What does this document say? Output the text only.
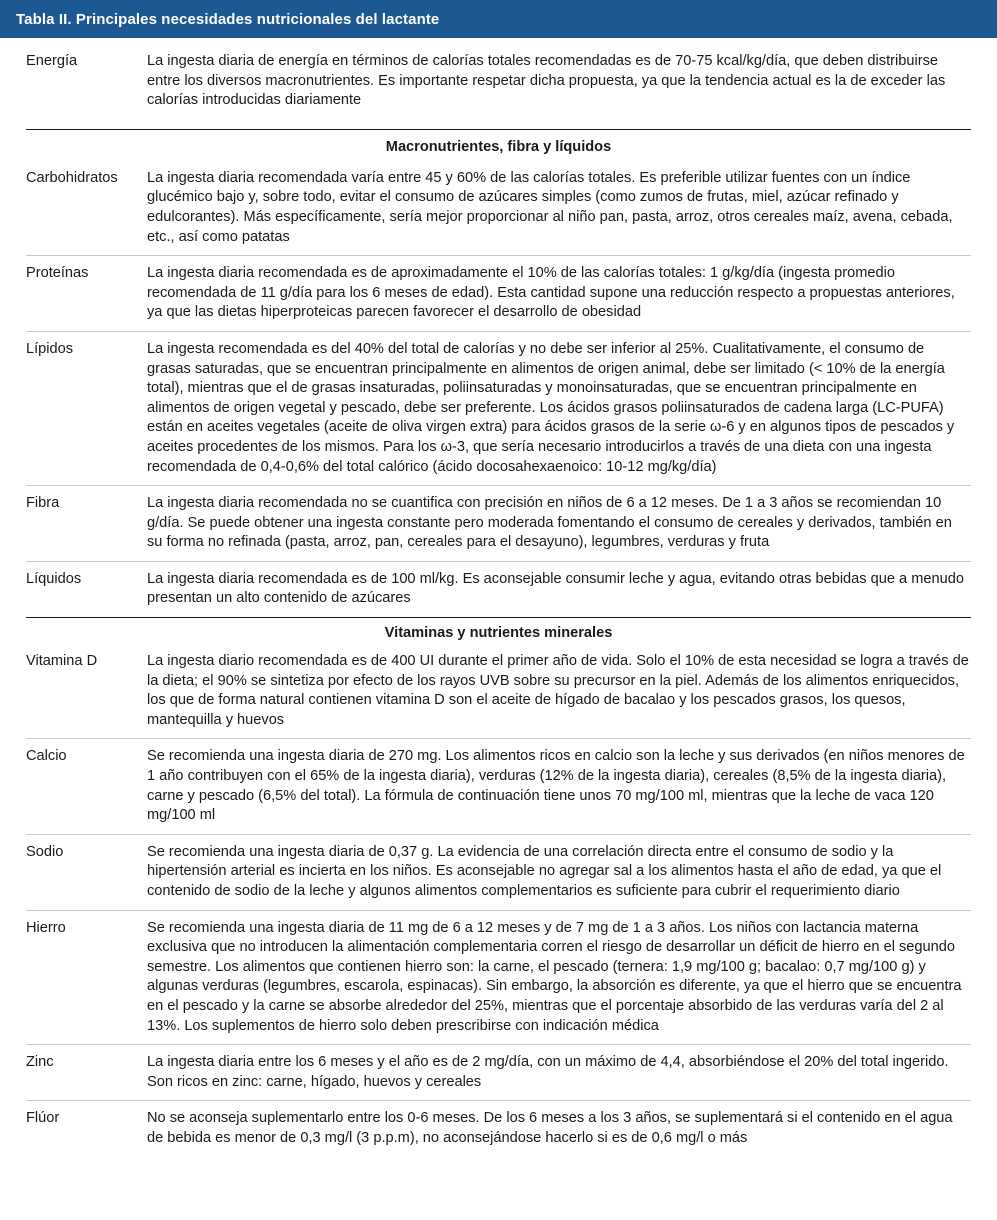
Tabla II. Principales necesidades nutricionales del lactante
Energía	La ingesta diaria de energía en términos de calorías totales recomendadas es de 70-75 kcal/kg/día, que deben distribuirse entre los diversos macronutrientes. Es importante respetar dicha propuesta, ya que la tendencia actual es la de exceder las calorías introducidas diariamente
Macronutrientes, fibra y líquidos
Carbohidratos	La ingesta diaria recomendada varía entre 45 y 60% de las calorías totales. Es preferible utilizar fuentes con un índice glucémico bajo y, sobre todo, evitar el consumo de azúcares simples (como zumos de frutas, miel, azúcar refinado y edulcorantes). Más específicamente, sería mejor proporcionar al niño pan, pasta, arroz, otros cereales maíz, avena, cebada, etc., así como patatas
Proteínas	La ingesta diaria recomendada es de aproximadamente el 10% de las calorías totales: 1 g/kg/día (ingesta promedio recomendada de 11 g/día para los 6 meses de edad). Esta cantidad supone una reducción respecto a propuestas anteriores, ya que las dietas hiperproteicas parecen favorecer el desarrollo de obesidad
Lípidos	La ingesta recomendada es del 40% del total de calorías y no debe ser inferior al 25%. Cualitativamente, el consumo de grasas saturadas, que se encuentran principalmente en alimentos de origen animal, debe ser limitado (< 10% de la energía total), mientras que el de grasas insaturadas, poliinsaturadas y monoinsaturadas, que se encuentran principalmente en alimentos de origen vegetal y pescado, debe ser preferente. Los ácidos grasos poliinsaturados de cadena larga (LC-PUFA) están en aceites vegetales (aceite de oliva virgen extra) para ácidos grasos de la serie ω-6 y en algunos tipos de pescados y aceites procedentes de los mismos. Para los ω-3, que sería necesario introducirlos a través de una dieta con una ingesta recomendada de 0,4-0,6% del total calórico (ácido docosahexaenoico: 10-12 mg/kg/día)
Fibra	La ingesta diaria recomendada no se cuantifica con precisión en niños de 6 a 12 meses. De 1 a 3 años se recomiendan 10 g/día. Se puede obtener una ingesta constante pero moderada fomentando el consumo de cereales y derivados, también en su forma no refinada (pasta, arroz, pan, cereales para el desayuno), legumbres, verduras y fruta
Líquidos	La ingesta diaria recomendada es de 100 ml/kg. Es aconsejable consumir leche y agua, evitando otras bebidas que a menudo presentan un alto contenido de azúcares
Vitaminas y nutrientes minerales
Vitamina D	La ingesta diario recomendada es de 400 UI durante el primer año de vida. Solo el 10% de esta necesidad se logra a través de la dieta; el 90% se sintetiza por efecto de los rayos UVB sobre su precursor en la piel. Además de los alimentos enriquecidos, los que de forma natural contienen vitamina D son el aceite de hígado de bacalao y los pescados grasos, los quesos, mantequilla y huevos
Calcio	Se recomienda una ingesta diaria de 270 mg. Los alimentos ricos en calcio son la leche y sus derivados (en niños menores de 1 año contribuyen con el 65% de la ingesta diaria), verduras (12% de la ingesta diaria), cereales (8,5% de la ingesta diaria), carne y pescado (6,5% del total). La fórmula de continuación tiene unos 70 mg/100 ml, mientras que la leche de vaca 120 mg/100 ml
Sodio	Se recomienda una ingesta diaria de 0,37 g. La evidencia de una correlación directa entre el consumo de sodio y la hipertensión arterial es incierta en los niños. Es aconsejable no agregar sal a los alimentos hasta el año de edad, ya que el contenido de sodio de la leche y algunos alimentos complementarios es suficiente para cubrir el requerimiento diario
Hierro	Se recomienda una ingesta diaria de 11 mg de 6 a 12 meses y de 7 mg de 1 a 3 años. Los niños con lactancia materna exclusiva que no introducen la alimentación complementaria corren el riesgo de desarrollar un déficit de hierro en el segundo semestre. Los alimentos que contienen hierro son: la carne, el pescado (ternera: 1,9 mg/100 g; bacalao: 0,7 mg/100 g) y algunas verduras (legumbres, escarola, espinacas). Sin embargo, la absorción es diferente, ya que el hierro que se encuentra en el pescado y la carne se absorbe alrededor del 25%, mientras que el porcentaje absorbido de las verduras varía del 2 al 13%. Los suplementos de hierro solo deben prescribirse con indicación médica
Zinc	La ingesta diaria entre los 6 meses y el año es de 2 mg/día, con un máximo de 4,4, absorbiéndose el 20% del total ingerido. Son ricos en zinc: carne, hígado, huevos y cereales
Flúor	No se aconseja suplementarlo entre los 0-6 meses. De los 6 meses a los 3 años, se suplementará si el contenido en el agua de bebida es menor de 0,3 mg/l (3 p.p.m), no aconsejándose hacerlo si es de 0,6 mg/l o más
